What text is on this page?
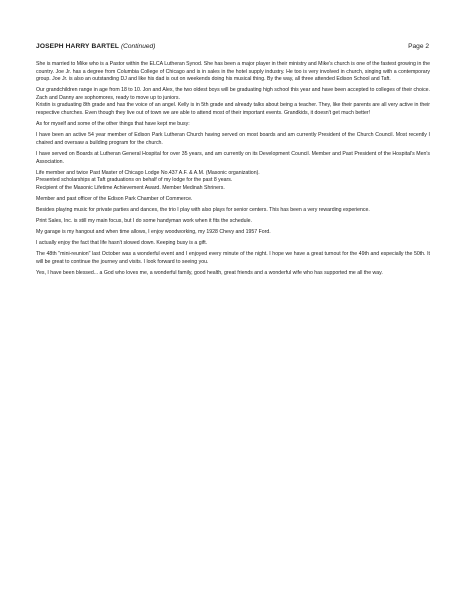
JOSEPH HARRY BARTEL (Continued)	Page 2

She is married to Mike who is a Pastor within the ELCA Lutheran Synod. She has been a major player in their ministry and Mike's church is one of the fastest growing in the country. Joe Jr. has a degree from Columbia College of Chicago and is in sales in the hotel supply industry. He too is very involved in church, singing with a contemporary group. Joe Jr. is also an outstanding DJ and like his dad is out on weekends doing his musical thing. By the way, all three attended Edison School and Taft.

Our grandchildren range in age from 18 to 10. Jon and Alex, the two oldest boys will be graduating high school this year and have been accepted to colleges of their choice. Zach and Danny are sophomores, ready to move up to juniors.

Kristin is graduating 8th grade and has the voice of an angel. Kelly is in 5th grade and already talks about being a teacher. They, like their parents are all very active in their respective churches. Even though they live out of town we are able to attend most of their important events. Grandkids, it doesn't get much better!

As for myself and some of the other things that have kept me busy:

I have been an active 54 year member of Edison Park Lutheran Church having served on most boards and am currently President of the Church Council. Most recently I chaired and oversaw a building program for the church.

I have served on Boards at Lutheran General Hospital for over 35 years, and am currently on its Development Council. Member and Past President of the Hospital's Men's Association.

Life member and twice Past Master of Chicago Lodge No.437 A.F. & A.M. (Masonic organization).

Presented scholarships at Taft graduations on behalf of my lodge for the past 8 years.

Recipient of the Masonic Lifetime Achievement Award. Member Medinah Shriners.

Member and past officer of the Edison Park Chamber of Commerce.

Besides playing music for private parties and dances, the trio I play with also plays for senior centers. This has been a very rewarding experience.

Print Sales, Inc. is still my main focus, but I do some handyman work when it fits the schedule.

My garage is my hangout and when time allows, I enjoy woodworking, my 1928 Chevy and 1957 Ford.

I actually enjoy the fact that life hasn't slowed down. Keeping busy is a gift.

The 48th "mini-reunion" last October was a wonderful event and I enjoyed every minute of the night. I hope we have a great turnout for the 49th and especially the 50th. It will be great to continue the journey and visits. I look forward to seeing you.

Yes, I have been blessed... a God who loves me, a wonderful family, good health, great friends and a wonderful wife who has supported me all the way.
